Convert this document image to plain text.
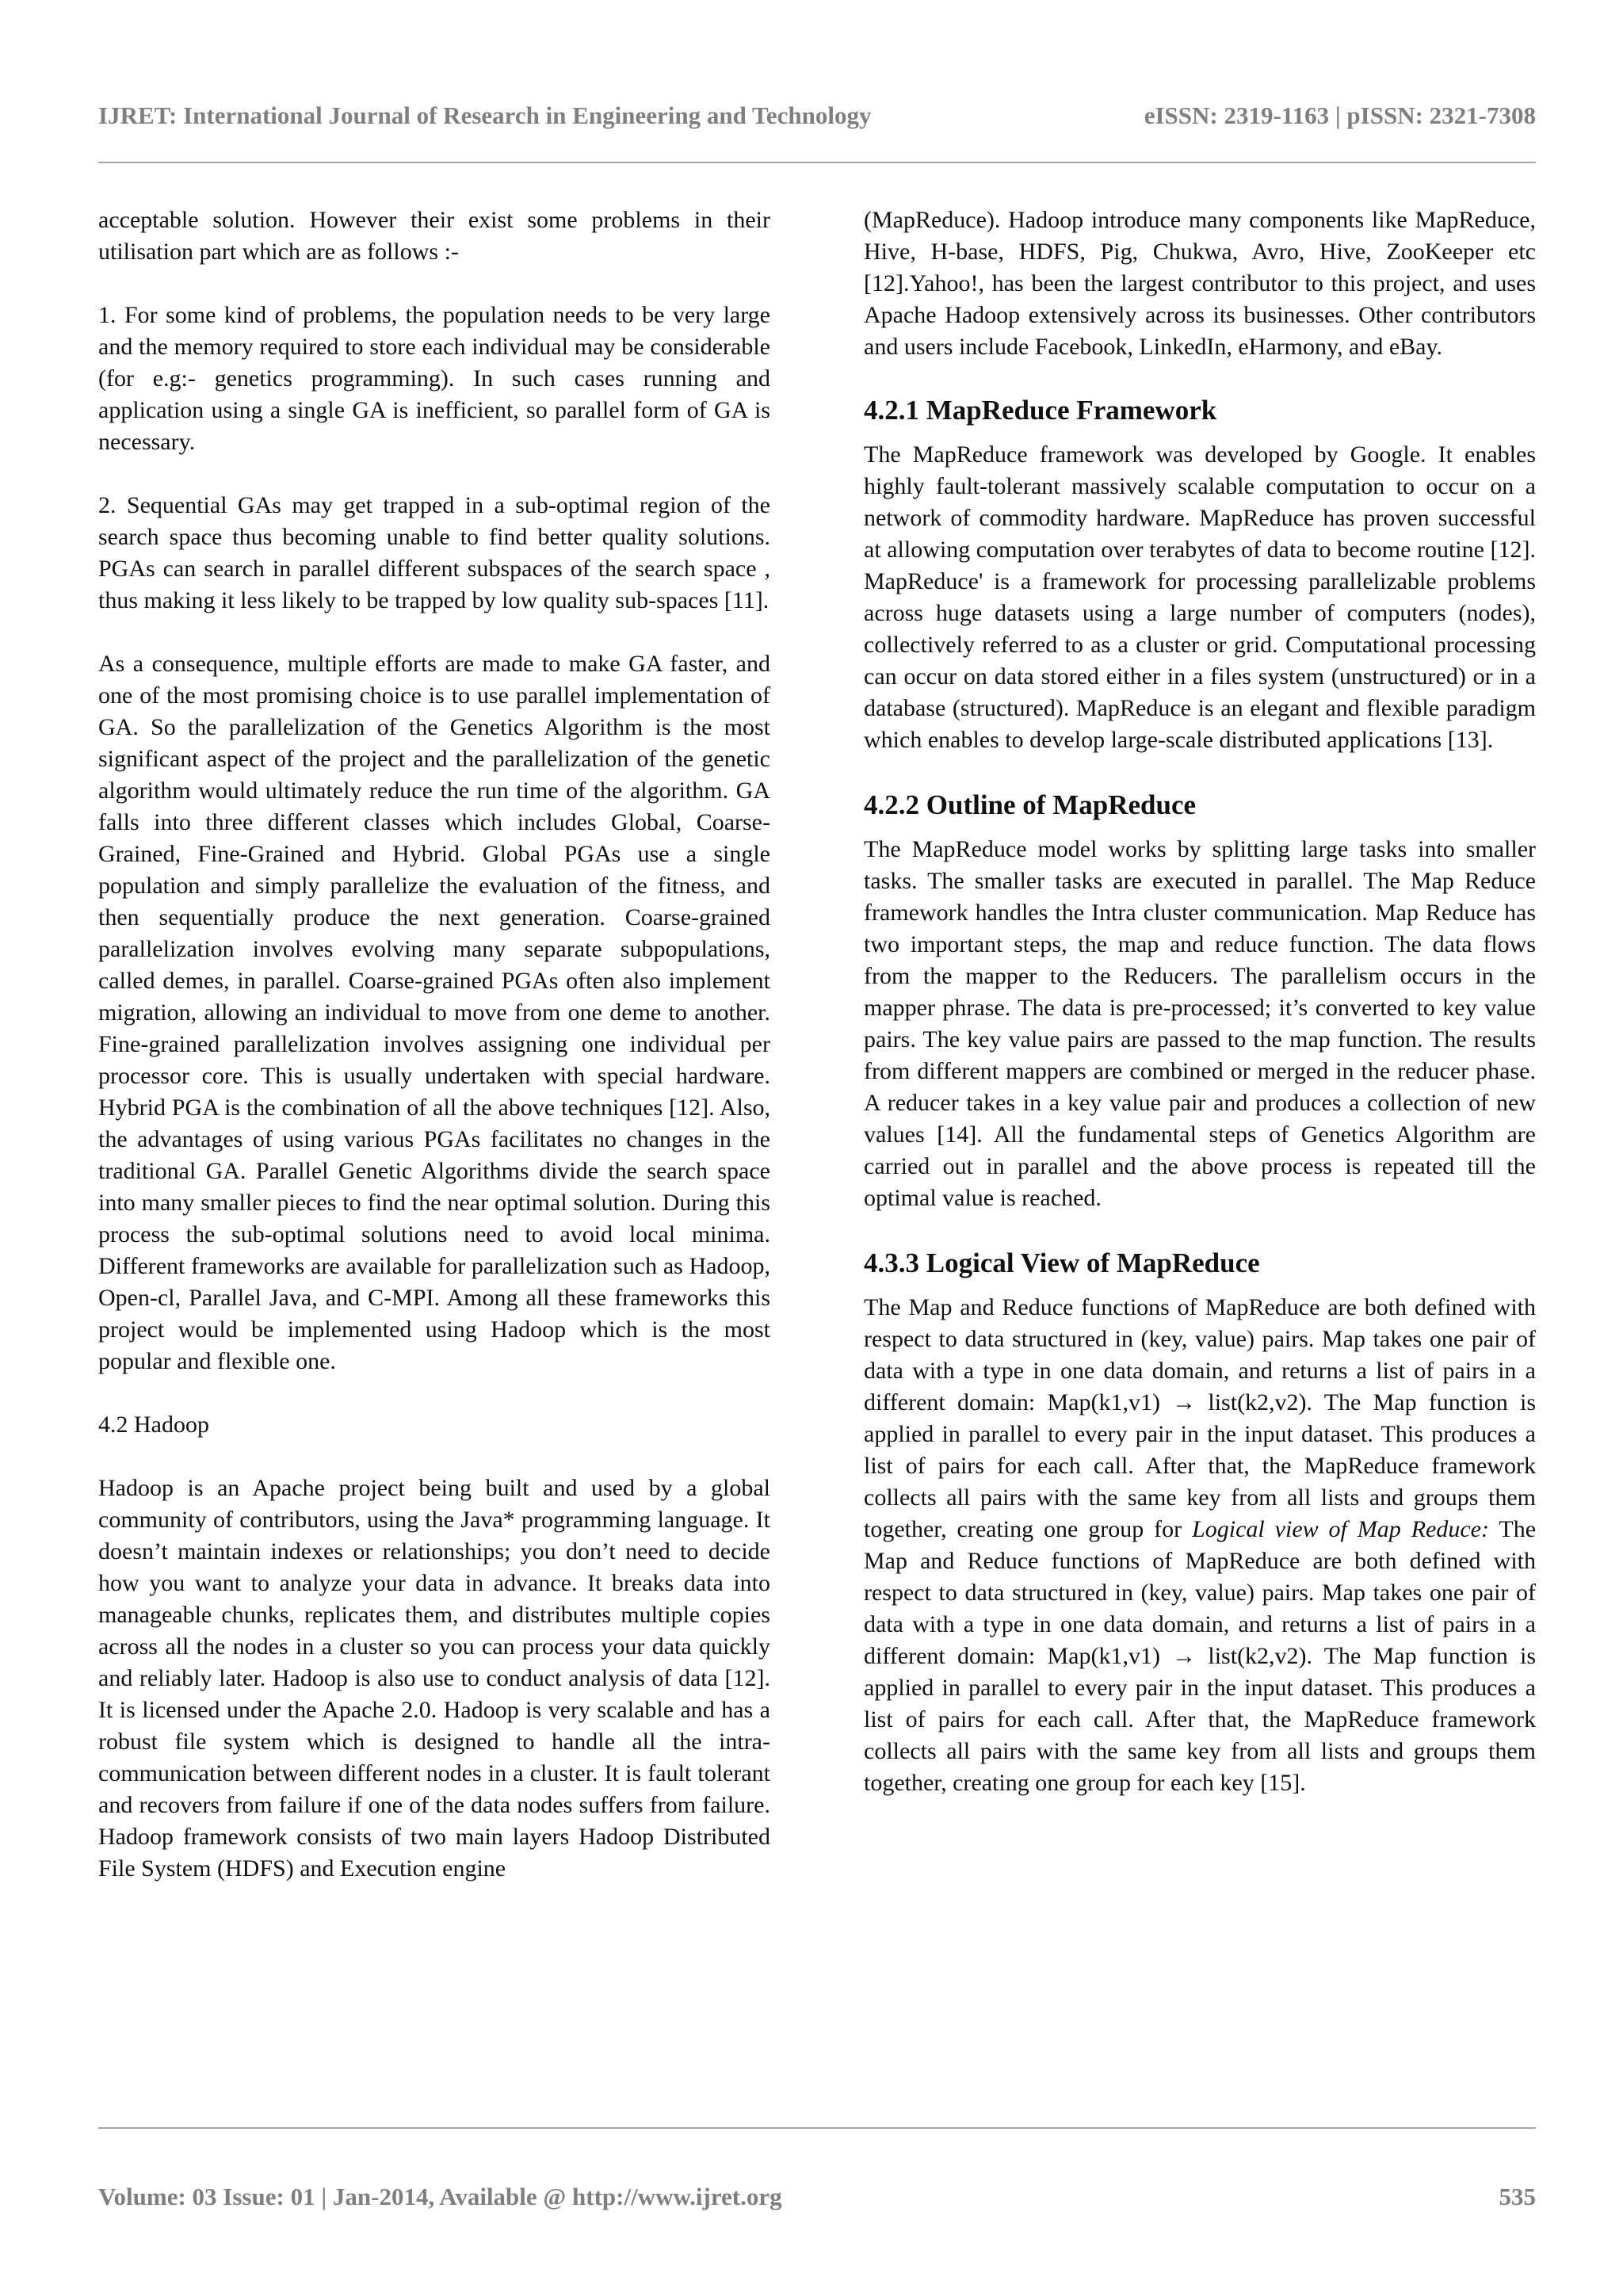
IJRET: International Journal of Research in Engineering and Technology	eISSN: 2319-1163 | pISSN: 2321-7308

acceptable solution. However their exist some problems in their utilisation part which are as follows :-

1. For some kind of problems, the population needs to be very large and the memory required to store each individual may be considerable (for e.g:- genetics programming). In such cases running and application using a single GA is inefficient, so parallel form of GA is necessary.

2. Sequential GAs may get trapped in a sub-optimal region of the search space thus becoming unable to find better quality solutions. PGAs can search in parallel different subspaces of the search space , thus making it less likely to be trapped by low quality sub-spaces [11].

As a consequence, multiple efforts are made to make GA faster, and one of the most promising choice is to use parallel implementation of GA. So the parallelization of the Genetics Algorithm is the most significant aspect of the project and the parallelization of the genetic algorithm would ultimately reduce the run time of the algorithm. GA falls into three different classes which includes Global, Coarse-Grained, Fine-Grained and Hybrid. Global PGAs use a single population and simply parallelize the evaluation of the fitness, and then sequentially produce the next generation. Coarse-grained parallelization involves evolving many separate subpopulations, called demes, in parallel. Coarse-grained PGAs often also implement migration, allowing an individual to move from one deme to another. Fine-grained parallelization involves assigning one individual per processor core. This is usually undertaken with special hardware. Hybrid PGA is the combination of all the above techniques [12]. Also, the advantages of using various PGAs facilitates no changes in the traditional GA. Parallel Genetic Algorithms divide the search space into many smaller pieces to find the near optimal solution. During this process the sub-optimal solutions need to avoid local minima. Different frameworks are available for parallelization such as Hadoop, Open-cl, Parallel Java, and C-MPI. Among all these frameworks this project would be implemented using Hadoop which is the most popular and flexible one.

4.2 Hadoop

Hadoop is an Apache project being built and used by a global community of contributors, using the Java* programming language. It doesn’t maintain indexes or relationships; you don’t need to decide how you want to analyze your data in advance. It breaks data into manageable chunks, replicates them, and distributes multiple copies across all the nodes in a cluster so you can process your data quickly and reliably later. Hadoop is also use to conduct analysis of data [12]. It is licensed under the Apache 2.0. Hadoop is very scalable and has a robust file system which is designed to handle all the intra-communication between different nodes in a cluster. It is fault tolerant and recovers from failure if one of the data nodes suffers from failure. Hadoop framework consists of two main layers Hadoop Distributed File System (HDFS) and Execution engine

(MapReduce). Hadoop introduce many components like MapReduce, Hive, H-base, HDFS, Pig, Chukwa, Avro, Hive, ZooKeeper etc [12].Yahoo!, has been the largest contributor to this project, and uses Apache Hadoop extensively across its businesses. Other contributors and users include Facebook, LinkedIn, eHarmony, and eBay.

4.2.1 MapReduce Framework

The MapReduce framework was developed by Google. It enables highly fault-tolerant massively scalable computation to occur on a network of commodity hardware. MapReduce has proven successful at allowing computation over terabytes of data to become routine [12]. MapReduce' is a framework for processing parallelizable problems across huge datasets using a large number of computers (nodes), collectively referred to as a cluster or grid. Computational processing can occur on data stored either in a files system (unstructured) or in a database (structured). MapReduce is an elegant and flexible paradigm which enables to develop large-scale distributed applications [13].

4.2.2 Outline of MapReduce

The MapReduce model works by splitting large tasks into smaller tasks. The smaller tasks are executed in parallel. The Map Reduce framework handles the Intra cluster communication. Map Reduce has two important steps, the map and reduce function. The data flows from the mapper to the Reducers. The parallelism occurs in the mapper phrase. The data is pre-processed; it’s converted to key value pairs. The key value pairs are passed to the map function. The results from different mappers are combined or merged in the reducer phase. A reducer takes in a key value pair and produces a collection of new values [14]. All the fundamental steps of Genetics Algorithm are carried out in parallel and the above process is repeated till the optimal value is reached.

4.3.3 Logical View of MapReduce

The Map and Reduce functions of MapReduce are both defined with respect to data structured in (key, value) pairs. Map takes one pair of data with a type in one data domain, and returns a list of pairs in a different domain: Map(k1,v1) → list(k2,v2). The Map function is applied in parallel to every pair in the input dataset. This produces a list of pairs for each call. After that, the MapReduce framework collects all pairs with the same key from all lists and groups them together, creating one group for Logical view of Map Reduce: The Map and Reduce functions of MapReduce are both defined with respect to data structured in (key, value) pairs. Map takes one pair of data with a type in one data domain, and returns a list of pairs in a different domain: Map(k1,v1) → list(k2,v2). The Map function is applied in parallel to every pair in the input dataset. This produces a list of pairs for each call. After that, the MapReduce framework collects all pairs with the same key from all lists and groups them together, creating one group for each key [15].

Volume: 03 Issue: 01 | Jan-2014, Available @ http://www.ijret.org	535
